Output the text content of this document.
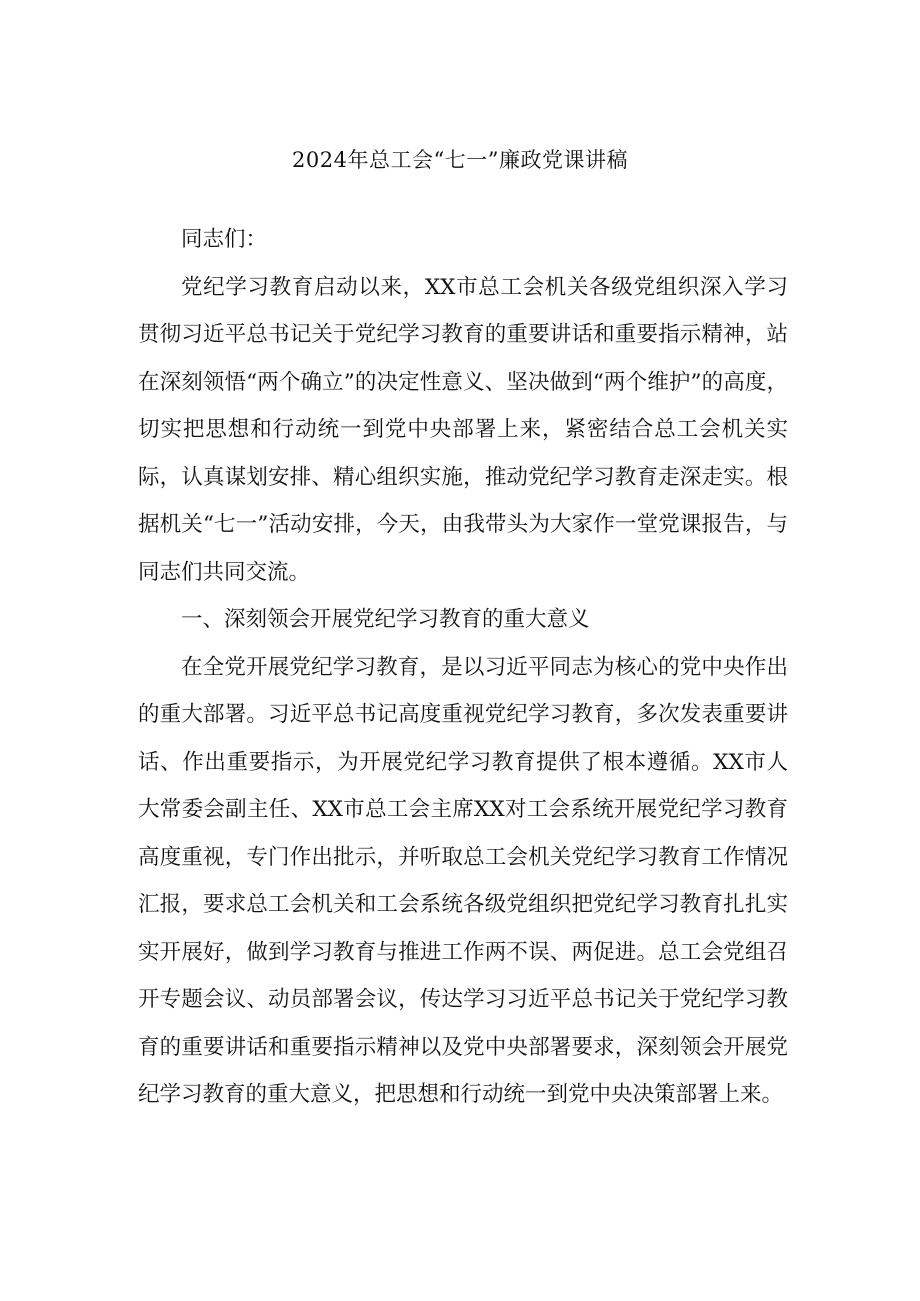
2024年总工会“七一”廉政党课讲稿

同志们：

党纪学习教育启动以来，XX市总工会机关各级党组织深入学习贯彻习近平总书记关于党纪学习教育的重要讲话和重要指示精神，站在深刻领悟“两个确立”的决定性意义、坚决做到“两个维护”的高度，切实把思想和行动统一到党中央部署上来，紧密结合总工会机关实际，认真谋划安排、精心组织实施，推动党纪学习教育走深走实。根据机关“七一”活动安排，今天，由我带头为大家作一堂党课报告，与同志们共同交流。

一、深刻领会开展党纪学习教育的重大意义

在全党开展党纪学习教育，是以习近平同志为核心的党中央作出的重大部署。习近平总书记高度重视党纪学习教育，多次发表重要讲话、作出重要指示，为开展党纪学习教育提供了根本遵循。XX市人大常委会副主任、XX市总工会主席XX对工会系统开展党纪学习教育高度重视，专门作出批示，并听取总工会机关党纪学习教育工作情况汇报，要求总工会机关和工会系统各级党组织把党纪学习教育扎扎实实开展好，做到学习教育与推进工作两不误、两促进。总工会党组召开专题会议、动员部署会议，传达学习习近平总书记关于党纪学习教育的重要讲话和重要指示精神以及党中央部署要求，深刻领会开展党纪学习教育的重大意义，把思想和行动统一到党中央决策部署上来。
